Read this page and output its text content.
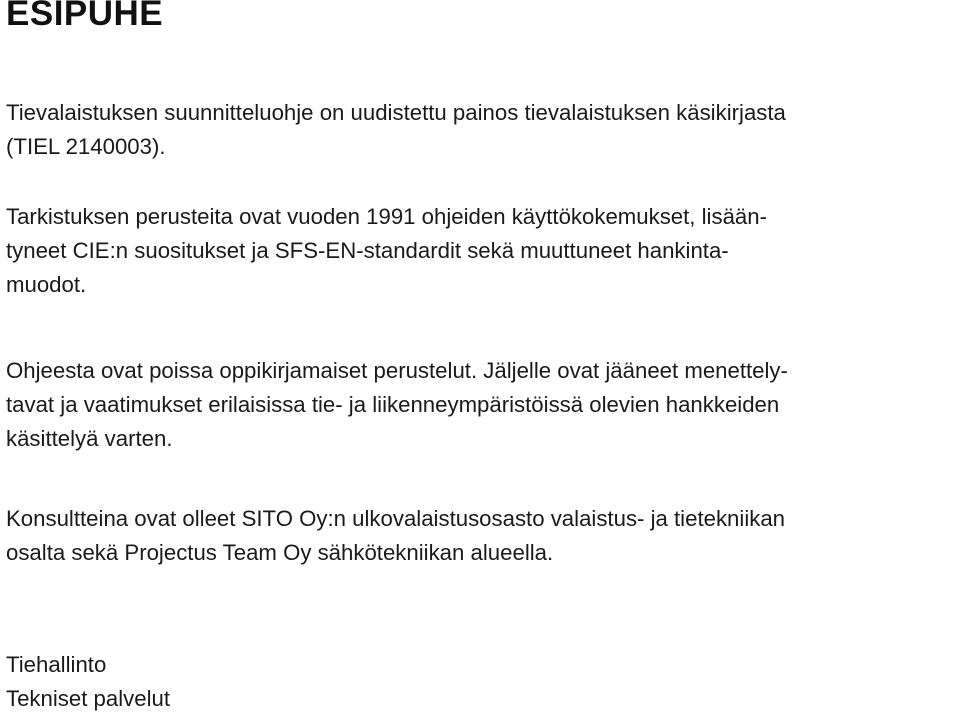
ESIPUHE

Tievalaistuksen suunnitteluohje on uudistettu painos tievalaistuksen käsikirjasta
(TIEL 2140003).

Tarkistuksen perusteita ovat vuoden 1991 ohjeiden käyttökokemukset, lisään-
tyneet CIE:n suositukset ja SFS-EN-standardit sekä muuttuneet hankinta-
muodot.

Ohjeesta ovat poissa oppikirjamaiset perustelut. Jäljelle ovat jääneet menettely-
tavat ja vaatimukset erilaisissa tie- ja liikenneympäristöissä olevien hankkeiden
käsittelyä varten.

Konsultteina ovat olleet SITO Oy:n ulkovalaistusosasto valaistus- ja tietekniikan
osalta sekä Projectus Team Oy sähkötekniikan alueella.

Tiehallinto
Tekniset palvelut
